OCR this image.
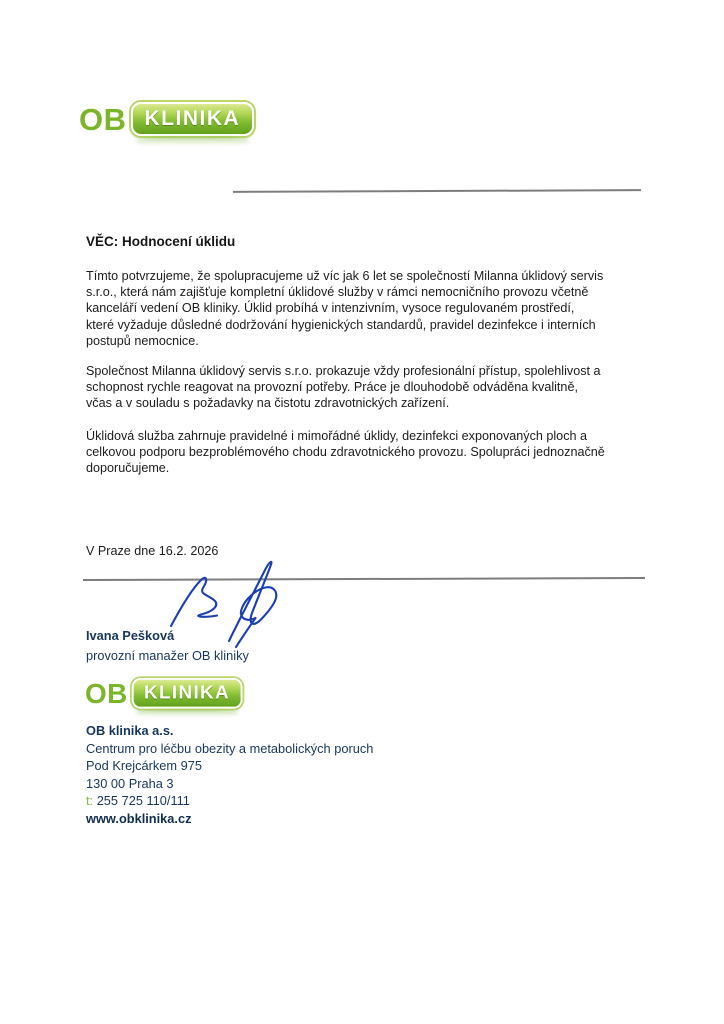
OB KLINIKA
VĚC: Hodnocení úklidu
Tímto potvrzujeme, že spolupracujeme už víc jak 6 let se společností Milanna úklidový servis
s.r.o., která nám zajišťuje kompletní úklidové služby v rámci nemocničního provozu včetně
kanceláří vedení OB kliniky. Úklid probíhá v intenzivním, vysoce regulovaném prostředí,
které vyžaduje důsledné dodržování hygienických standardů, pravidel dezinfekce i interních
postupů nemocnice.
Společnost Milanna úklidový servis s.r.o. prokazuje vždy profesionální přístup, spolehlivost a
schopnost rychle reagovat na provozní potřeby. Práce je dlouhodobě odváděna kvalitně,
včas a v souladu s požadavky na čistotu zdravotnických zařízení.
Úklidová služba zahrnuje pravidelné i mimořádné úklidy, dezinfekci exponovaných ploch a
celkovou podporu bezproblémového chodu zdravotnického provozu. Spolupráci jednoznačně
doporučujeme.
V Praze dne 16.2. 2026
Ivana Pešková
provozní manažer OB kliniky
OB KLINIKA
OB klinika a.s.
Centrum pro léčbu obezity a metabolických poruch
Pod Krejcárkem 975
130 00 Praha 3
t: 255 725 110/111
www.obklinika.cz
